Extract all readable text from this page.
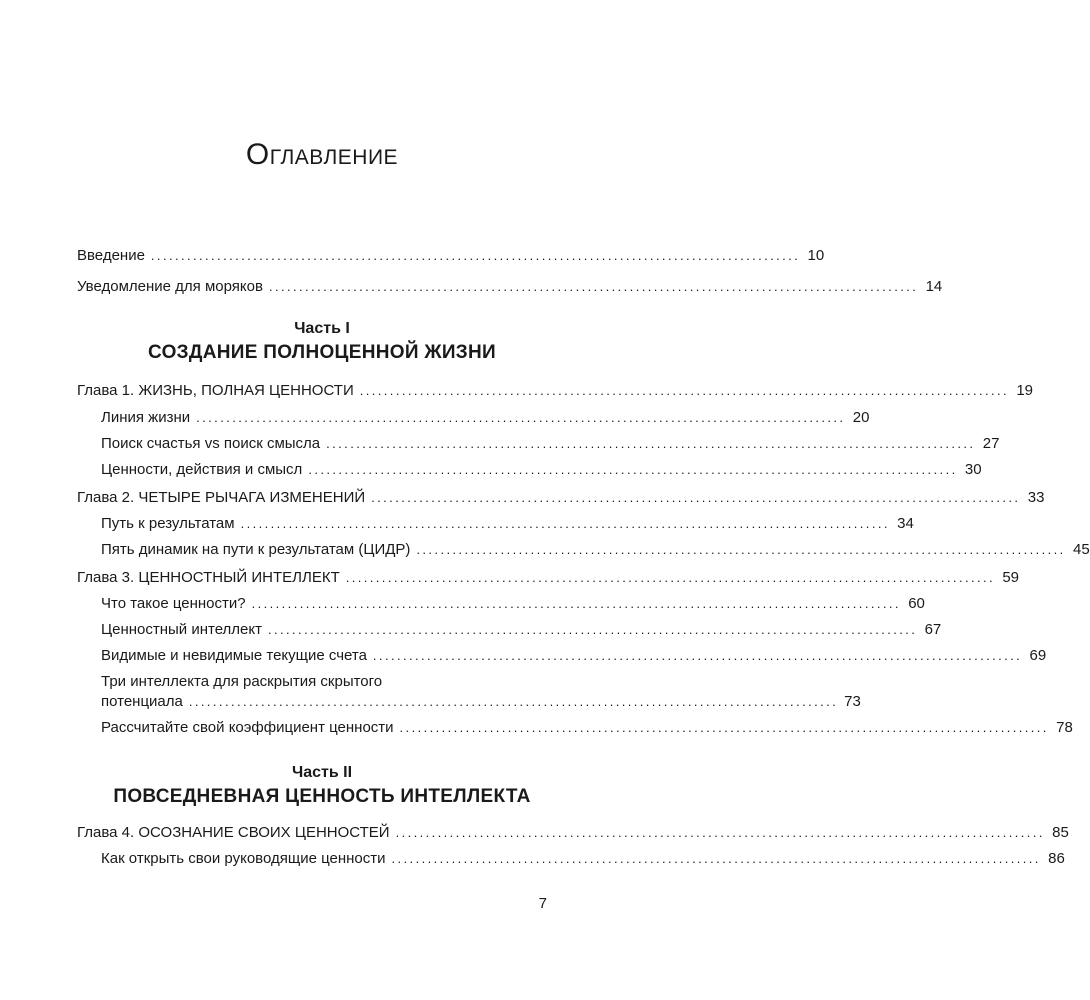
Оглавление
Введение ............................................................................................................ 10
Уведомление для моряков ............................................................................................................ 14
Часть I
СОЗДАНИЕ ПОЛНОЦЕННОЙ ЖИЗНИ
Глава 1. ЖИЗНЬ, ПОЛНАЯ ЦЕННОСТИ ............................................................................................................ 19
Линия жизни ............................................................................................................ 20
Поиск счастья vs поиск смысла ............................................................................................................ 27
Ценности, действия и смысл ............................................................................................................ 30
Глава 2. ЧЕТЫРЕ РЫЧАГА ИЗМЕНЕНИЙ ............................................................................................................ 33
Путь к результатам ............................................................................................................ 34
Пять динамик на пути к результатам (ЦИДР) ............................................................................................................ 45
Глава 3. ЦЕННОСТНЫЙ ИНТЕЛЛЕКТ ............................................................................................................ 59
Что такое ценности? ............................................................................................................ 60
Ценностный интеллект ............................................................................................................ 67
Видимые и невидимые текущие счета ............................................................................................................ 69
Три интеллекта для раскрытия скрытого
потенциала ............................................................................................................ 73
Рассчитайте свой коэффициент ценности ............................................................................................................ 78
Часть II
ПОВСЕДНЕВНАЯ ЦЕННОСТЬ ИНТЕЛЛЕКТА
Глава 4. ОСОЗНАНИЕ СВОИХ ЦЕННОСТЕЙ ............................................................................................................ 85
Как открыть свои руководящие ценности ............................................................................................................ 86
7
